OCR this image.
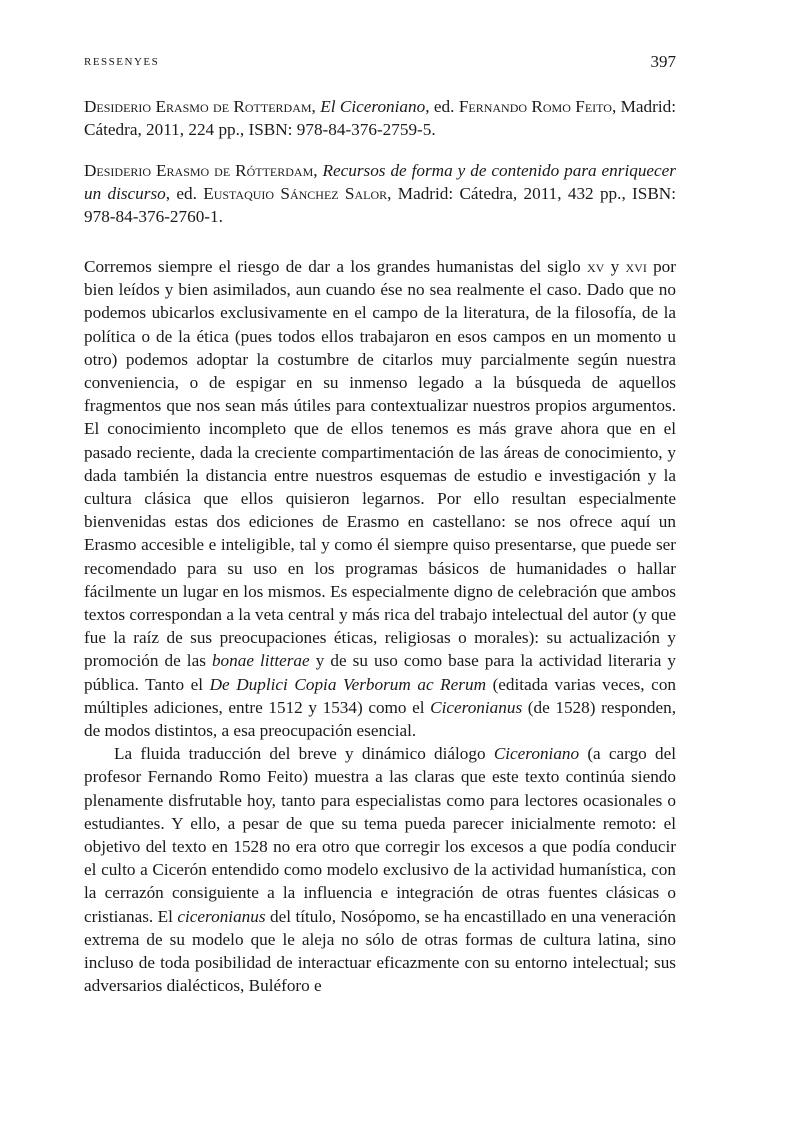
RESSENYES	397

Desiderio Erasmo de Rotterdam, El Ciceroniano, ed. Fernando Romo Feito, Madrid: Cátedra, 2011, 224 pp., ISBN: 978-84-376-2759-5.

Desiderio Erasmo de Rótterdam, Recursos de forma y de contenido para enriquecer un discurso, ed. Eustaquio Sánchez Salor, Madrid: Cátedra, 2011, 432 pp., ISBN: 978-84-376-2760-1.

Corremos siempre el riesgo de dar a los grandes humanistas del siglo xv y xvi por bien leídos y bien asimilados, aun cuando ése no sea realmente el caso. Dado que no podemos ubicarlos exclusivamente en el campo de la literatura, de la filosofía, de la política o de la ética (pues todos ellos trabajaron en esos campos en un momento u otro) podemos adoptar la costumbre de citarlos muy parcialmente según nuestra conveniencia, o de espigar en su inmenso legado a la búsqueda de aquellos fragmentos que nos sean más útiles para contextualizar nuestros propios argumentos. El conocimiento incompleto que de ellos tenemos es más grave ahora que en el pasado reciente, dada la creciente compartimentación de las áreas de conocimiento, y dada también la distancia entre nuestros esquemas de estudio e investigación y la cultura clásica que ellos quisieron legarnos. Por ello resultan especialmente bienvenidas estas dos ediciones de Erasmo en castellano: se nos ofrece aquí un Erasmo accesible e inteligible, tal y como él siempre quiso presentarse, que puede ser recomendado para su uso en los programas básicos de humanidades o hallar fácilmente un lugar en los mismos. Es especialmente digno de celebración que ambos textos correspondan a la veta central y más rica del trabajo intelectual del autor (y que fue la raíz de sus preocupaciones éticas, religiosas o morales): su actualización y promoción de las bonae litterae y de su uso como base para la actividad literaria y pública. Tanto el De Duplici Copia Verborum ac Rerum (editada varias veces, con múltiples adiciones, entre 1512 y 1534) como el Ciceronianus (de 1528) responden, de modos distintos, a esa preocupación esencial.

La fluida traducción del breve y dinámico diálogo Ciceroniano (a cargo del profesor Fernando Romo Feito) muestra a las claras que este texto continúa siendo plenamente disfrutable hoy, tanto para especialistas como para lectores ocasionales o estudiantes. Y ello, a pesar de que su tema pueda parecer inicialmente remoto: el objetivo del texto en 1528 no era otro que corregir los excesos a que podía conducir el culto a Cicerón entendido como modelo exclusivo de la actividad humanística, con la cerrazón consiguiente a la influencia e integración de otras fuentes clásicas o cristianas. El ciceronianus del título, Nosópomo, se ha encastillado en una veneración extrema de su modelo que le aleja no sólo de otras formas de cultura latina, sino incluso de toda posibilidad de interactuar eficazmente con su entorno intelectual; sus adversarios dialécticos, Buléforo e
